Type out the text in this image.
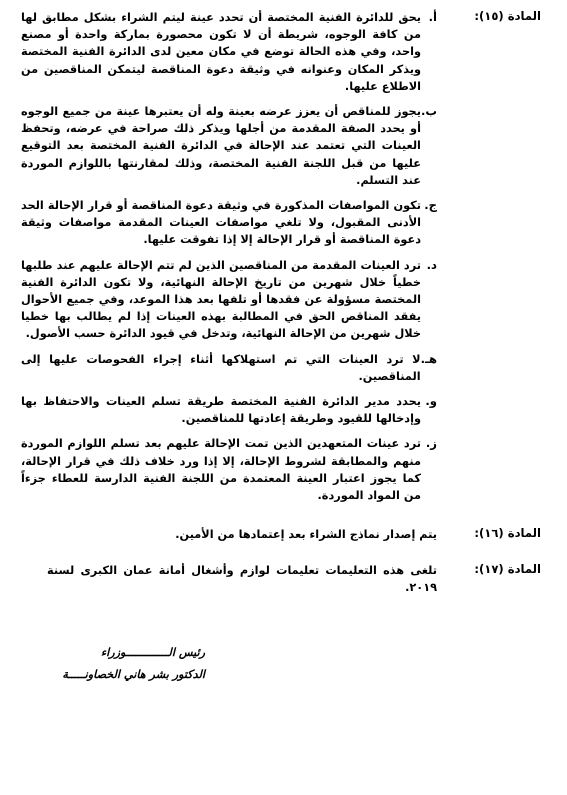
المادة (١٥):
أ.
يحق للدائرة الفنية المختصة أن تحدد عينة ليتم الشراء بشكل مطابق لها من كافة الوجوه، شريطة أن لا تكون محصورة بماركة واحدة أو مصنع واحد، وفي هذه الحالة توضع في مكان معين لدى الدائرة الفنية المختصة ويذكر المكان وعنوانه في وثيقة دعوة المناقصة ليتمكن المناقصين من الاطلاع عليها.
ب.
يجوز للمناقص أن يعزز عرضه بعينة وله أن يعتبرها عينة من جميع الوجوه أو يحدد الصفة المقدمة من أجلها ويذكر ذلك صراحة في عرضه، وتحفظ العينات التي تعتمد عند الإحالة في الدائرة الفنية المختصة بعد التوقيع عليها من قبل اللجنة الفنية المختصة، وذلك لمقارنتها باللوازم الموردة عند التسلم.
ج.
تكون المواصفات المذكورة في وثيقة دعوة المناقصة أو قرار الإحالة الحد الأدنى المقبول، ولا تلغي مواصفات العينات المقدمة مواصفات وثيقة دعوة المناقصة أو قرار الإحالة إلا إذا تفوقت عليها.
د.
ترد العينات المقدمة من المناقصين الذين لم تتم الإحالة عليهم عند طلبها خطياً خلال شهرين من تاريخ الإحالة النهائية، ولا تكون الدائرة الفنية المختصة مسؤولة عن فقدها أو تلفها بعد هذا الموعد، وفي جميع الأحوال يفقد المناقص الحق في المطالبة بهذه العينات إذا لم يطالب بها خطيا خلال شهرين من الإحالة النهائية، وتدخل في قيود الدائرة حسب الأصول.
هـ.
لا ترد العينات التي تم استهلاكها أثناء إجراء الفحوصات عليها إلى المناقصين.
و.
يحدد مدير الدائرة الفنية المختصة طريقة تسلم العينات والاحتفاظ بها وإدخالها للقيود وطريقة إعادتها للمناقصين.
ز.
ترد عينات المتعهدين الذين تمت الإحالة عليهم بعد تسلم اللوازم الموردة منهم والمطابقة لشروط الإحالة، إلا إذا ورد خلاف ذلك في قرار الإحالة، كما يجوز اعتبار العينة المعتمدة من اللجنة الفنية الدارسة للعطاء جزءاً من المواد الموردة.
المادة (١٦):
يتم إصدار نماذج الشراء بعد إعتمادها من الأمين.
المادة (١٧):
تلغى هذه التعليمات تعليمات لوازم وأشغال أمانة عمان الكبرى لسنة ٢٠١٩.
رئيس الـــــــــــــوزراء
الدكتور بشر هاني الخصاونـــــة
